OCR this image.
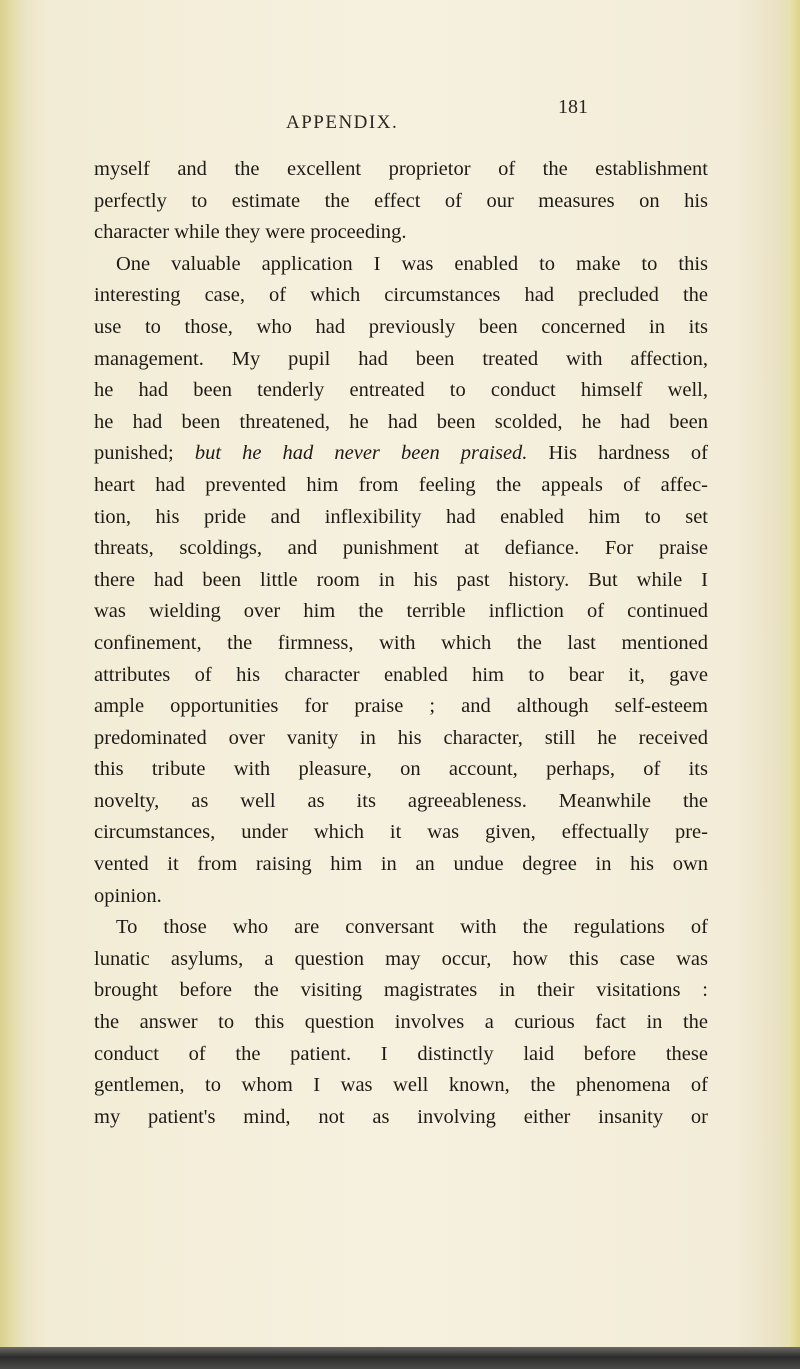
APPENDIX.
181
myself and the excellent proprietor of the establishment
perfectly to estimate the effect of our measures on his
character while they were proceeding.
One valuable application I was enabled to make to this
interesting case, of which circumstances had precluded the
use to those, who had previously been concerned in its
management. My pupil had been treated with affection,
he had been tenderly entreated to conduct himself well,
he had been threatened, he had been scolded, he had been
punished; but he had never been praised. His hardness of
heart had prevented him from feeling the appeals of affec-
tion, his pride and inflexibility had enabled him to set
threats, scoldings, and punishment at defiance. For praise
there had been little room in his past history. But while I
was wielding over him the terrible infliction of continued
confinement, the firmness, with which the last mentioned
attributes of his character enabled him to bear it, gave
ample opportunities for praise ; and although self-esteem
predominated over vanity in his character, still he received
this tribute with pleasure, on account, perhaps, of its
novelty, as well as its agreeableness. Meanwhile the
circumstances, under which it was given, effectually pre-
vented it from raising him in an undue degree in his own
opinion.
To those who are conversant with the regulations of
lunatic asylums, a question may occur, how this case was
brought before the visiting magistrates in their visitations :
the answer to this question involves a curious fact in the
conduct of the patient. I distinctly laid before these
gentlemen, to whom I was well known, the phenomena of
my patient's mind, not as involving either insanity or
